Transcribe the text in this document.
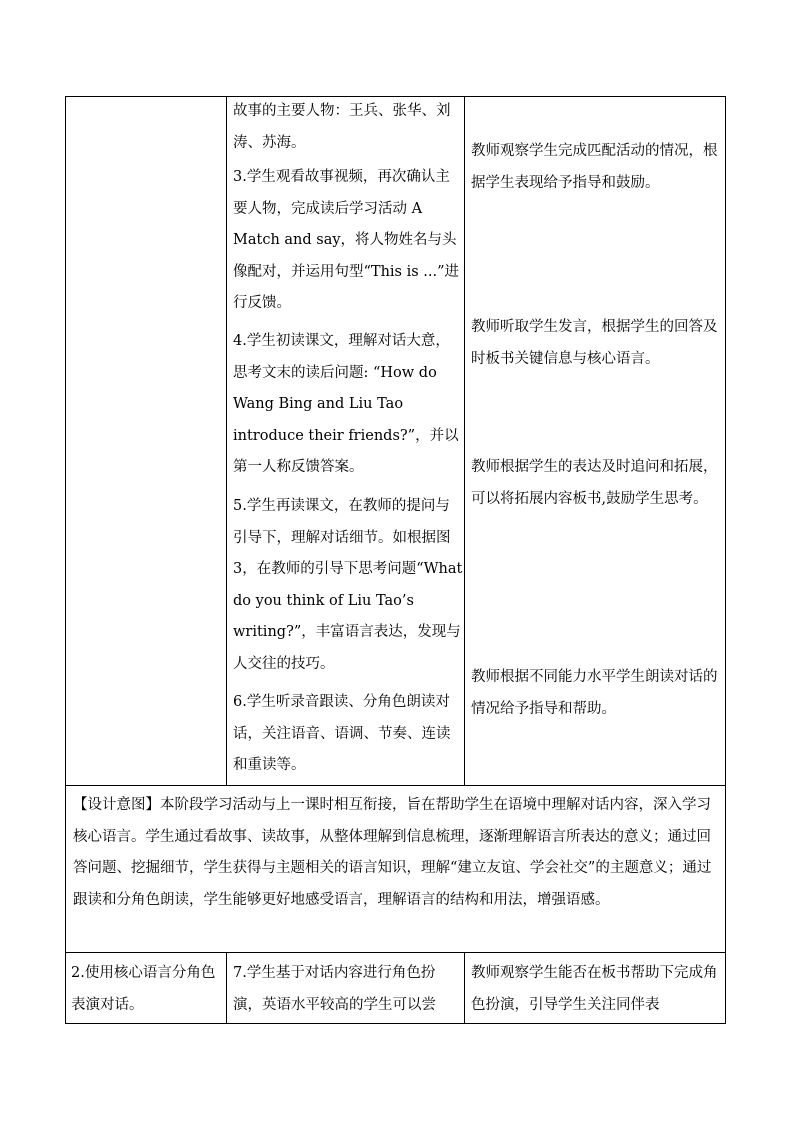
故事的主要人物：王兵、张华、刘涛、苏海。

3.学生观看故事视频，再次确认主要人物，完成读后学习活动 A Match and say，将人物姓名与头像配对，并运用句型“This is ...”进行反馈。

4.学生初读课文，理解对话大意，思考文末的读后问题: “How do Wang Bing and Liu Tao introduce their friends?”，并以第一人称反馈答案。

5.学生再读课文，在教师的提问与引导下，理解对话细节。如根据图 3，在教师的引导下思考问题“What do you think of Liu Tao’s writing?”，丰富语言表达，发现与人交往的技巧。

6.学生听录音跟读、分角色朗读对话，关注语音、语调、节奏、连读和重读等。

教师观察学生完成匹配活动的情况，根据学生表现给予指导和鼓励。

教师听取学生发言，根据学生的回答及时板书关键信息与核心语言。

教师根据学生的表达及时追问和拓展，可以将拓展内容板书,鼓励学生思考。

教师根据不同能力水平学生朗读对话的情况给予指导和帮助。

【设计意图】本阶段学习活动与上一课时相互衔接，旨在帮助学生在语境中理解对话内容，深入学习核心语言。学生通过看故事、读故事，从整体理解到信息梳理，逐渐理解语言所表达的意义；通过回答问题、挖掘细节，学生获得与主题相关的语言知识，理解“建立友谊、学会社交”的主题意义；通过跟读和分角色朗读，学生能够更好地感受语言，理解语言的结构和用法，增强语感。

2.使用核心语言分角色表演对话。

7.学生基于对话内容进行角色扮演，英语水平较高的学生可以尝

教师观察学生能否在板书帮助下完成角色扮演，引导学生关注同伴表
